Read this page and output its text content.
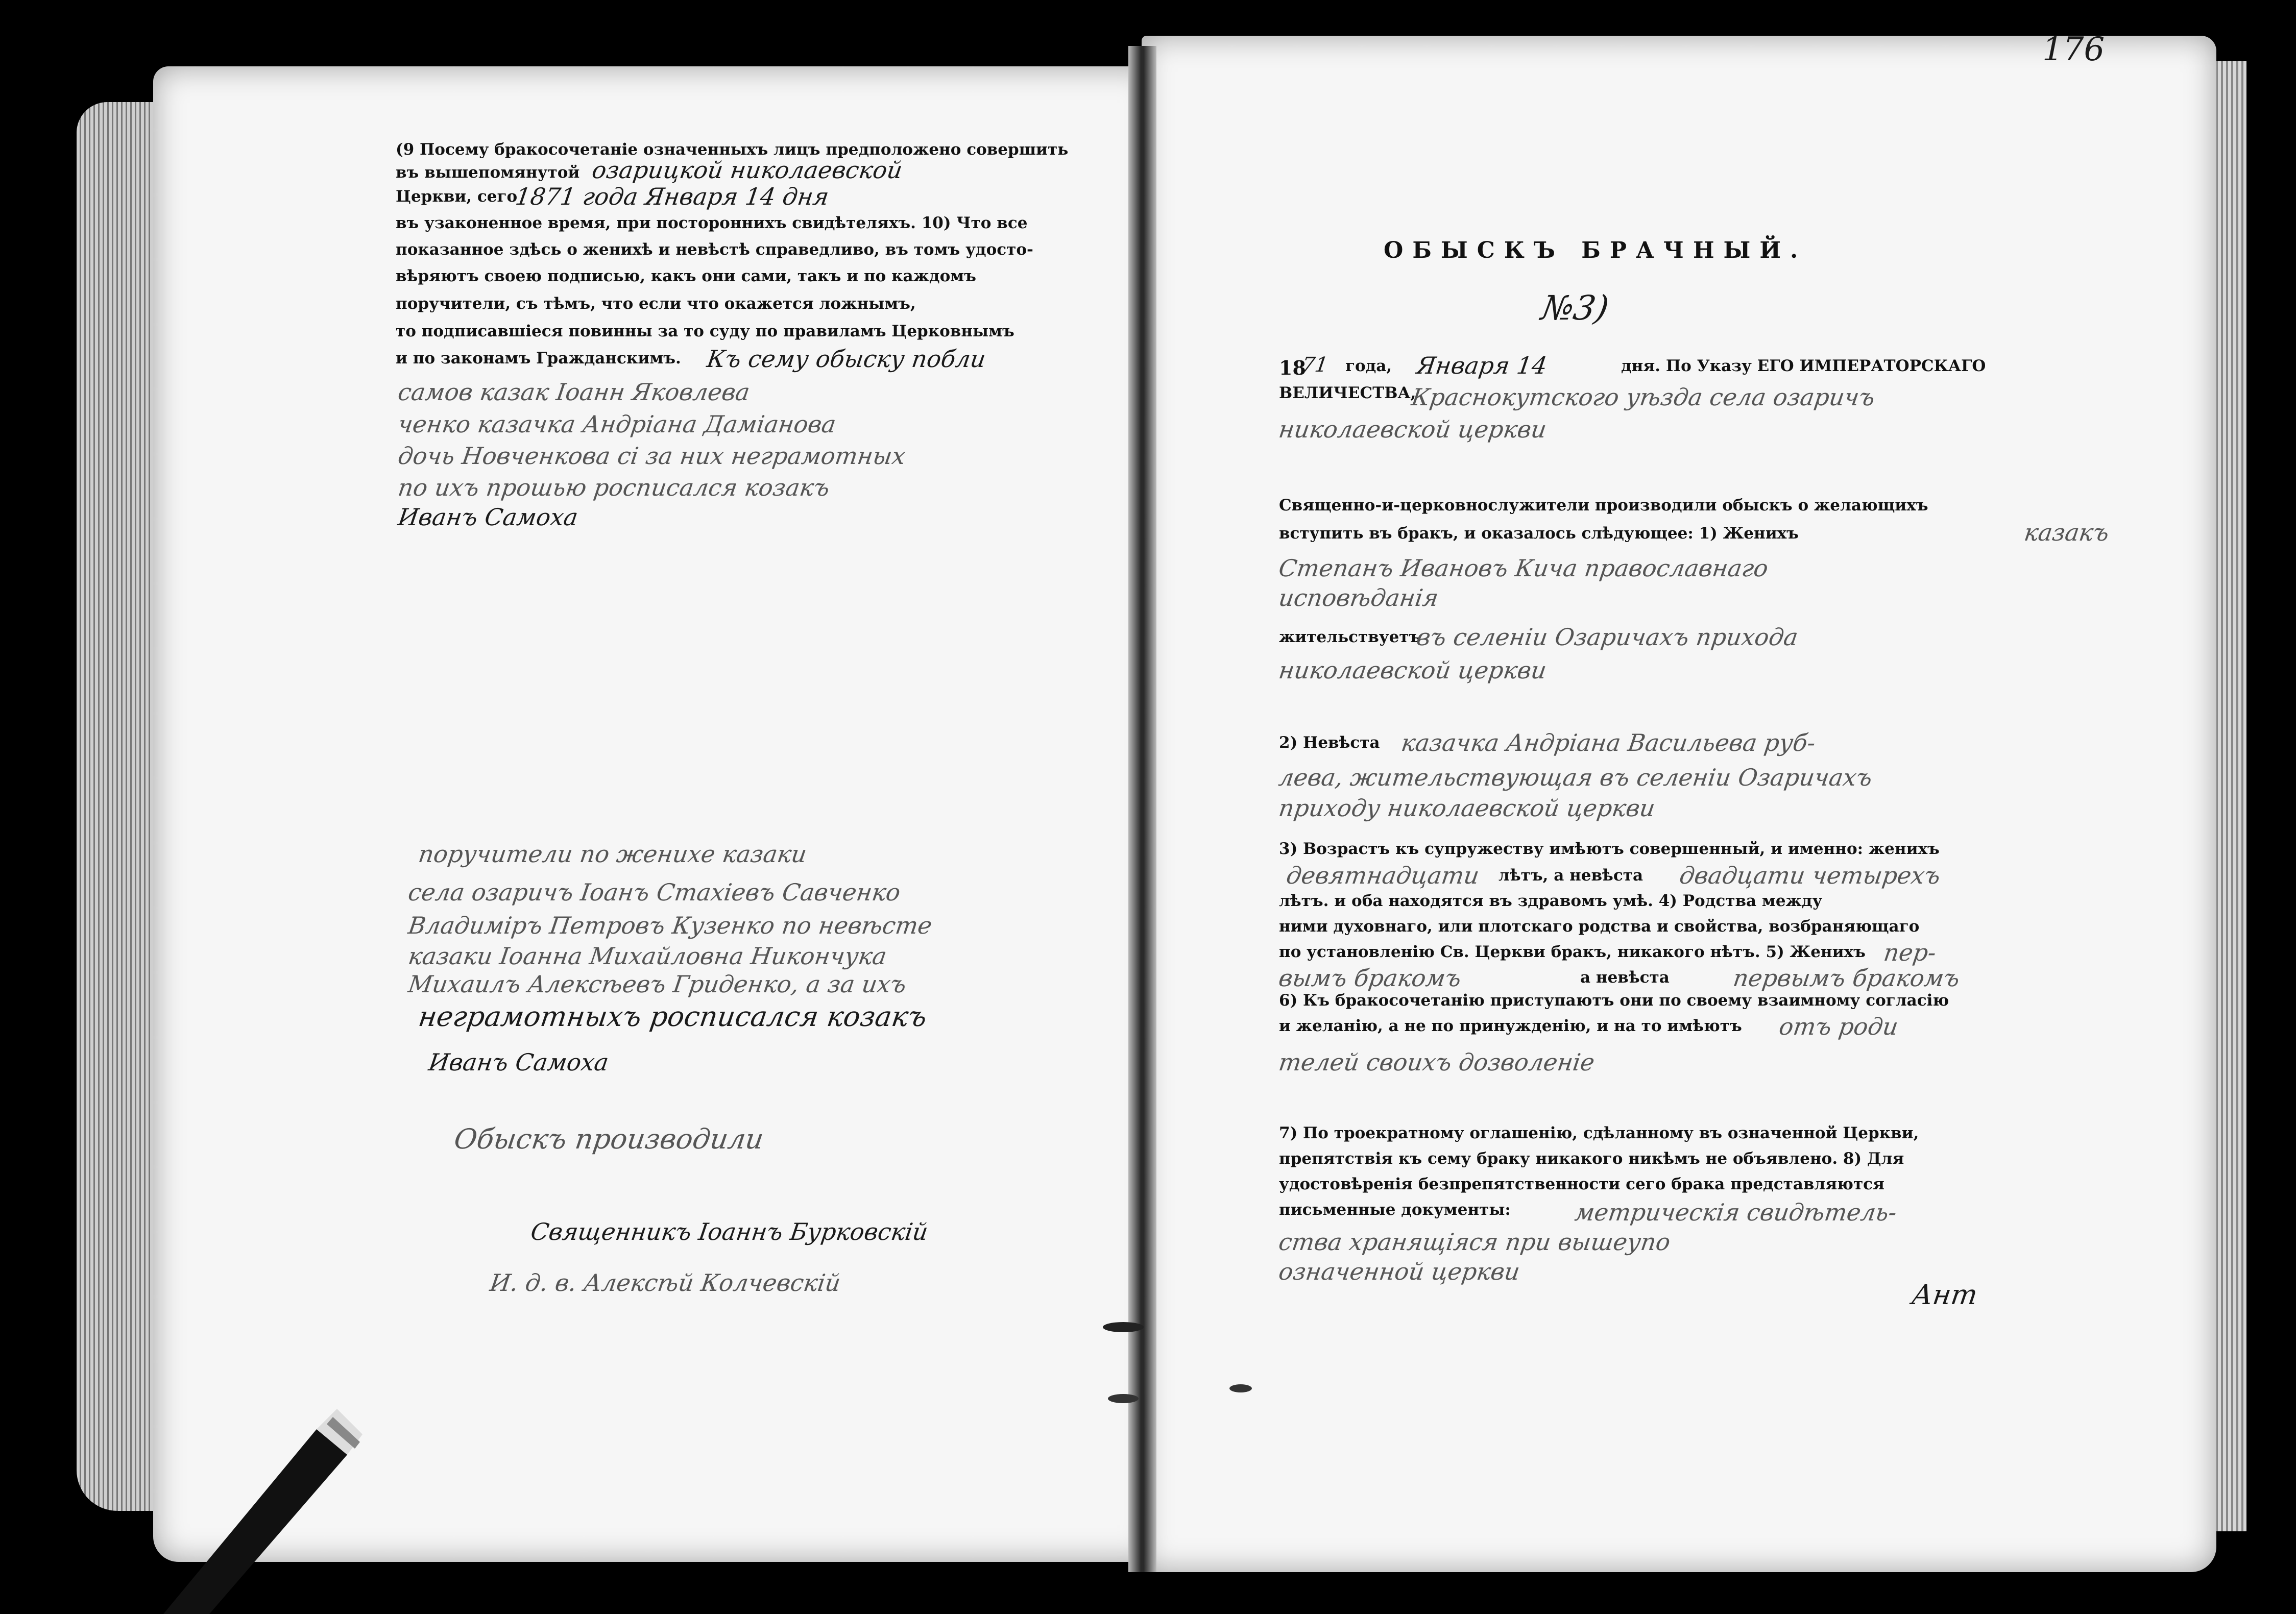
176

(9 Посему бракосочетаніе означенныхъ лицъ предположено совершить

въ вышепомянутой

Церкви, сего

въ узаконенное время, при постороннихъ свидѣтеляхъ. 10) Что все

показанное здѣсь о женихѣ и невѣстѣ справедливо, въ томъ удосто-

вѣряютъ своею подписью, какъ они сами, такъ и по каждомъ

поручители, съ тѣмъ, что если что окажется ложнымъ,

то подписавшіеся повинны за то суду по правиламъ Церковнымъ

и по законамъ Гражданскимъ.

озарицкой николаевской

1871 года Января 14 дня

Къ сему обыску побли

самов казак Іоанн Яковлева

ченко казачка Андріана Даміанова

дочь Новченкова сі за них неграмотных

по ихъ прошью росписался козакъ

Иванъ Самоха

поручители по женихе казаки

села озаричъ Іоанъ Стахіевъ Савченко

Владиміръ Петровъ Кузенко по невѣсте

казаки Іоанна Михайловна Никончука

Михаилъ Алексѣевъ Гриденко, а за ихъ

неграмотныхъ росписался козакъ

Иванъ Самоха

Обыскъ производили

Священникъ Іоаннъ Бурковскій

И. д. в. Алексѣй Колчевскій

ОБЫСКЪ БРАЧНЫЙ.

№3)

18 года,	дня. По Указу ЕГО ИМПЕРАТОРСКАГО

ВЕЛИЧЕСТВА,

Священно-и-церковнослужители производили обыскъ о желающихъ

вступить въ бракъ, и оказалось слѣдующее: 1) Женихъ

жительствуетъ

2) Невѣста

3) Возрастъ къ супружеству имѣютъ совершенный, и именно: женихъ

лѣтъ, а невѣста

лѣтъ. и оба находятся въ здравомъ умѣ. 4) Родства между

ними духовнаго, или плотскаго родства и свойства, возбраняющаго

по установленію Св. Церкви бракъ, никакого нѣтъ. 5) Женихъ

а невѣста

6) Къ бракосочетанію приступаютъ они по своему взаимному согласію

и желанію, а не по принужденію, и на то имѣютъ

7) По троекратному оглашенію, сдѣланному въ означенной Церкви,

препятствія къ сему браку никакого никѣмъ не объявлено. 8) Для

удостовѣренія безпрепятственности сего брака представляются

письменные документы:

71	Января 14

Краснокутского уѣзда села озаричъ

николаевской церкви

казакъ

Степанъ Ивановъ Кича православнаго

исповѣданія

въ селеніи Озаричахъ прихода

николаевской церкви

казачка Андріана Васильева руб-

лева, жительствующая въ селеніи Озаричахъ

приходу николаевской церкви

девятнадцати	двадцати четырехъ

пер-

вымъ бракомъ	первымъ бракомъ

отъ роди

телей своихъ дозволеніе

метрическія свидѣтель-

ства хранящіяся при вышеупо

означенной церкви

Ант
